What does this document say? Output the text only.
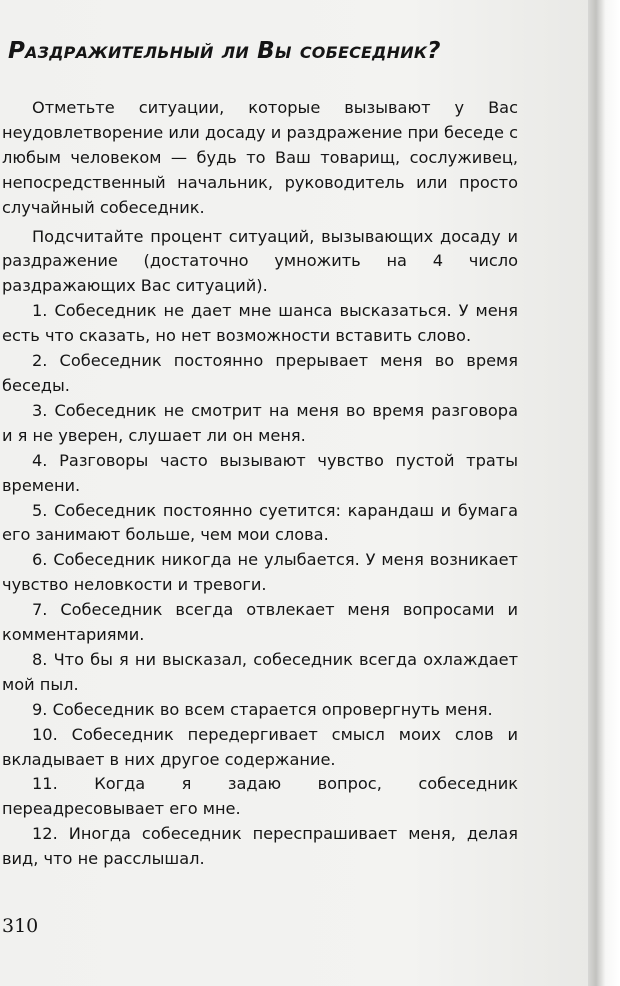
Раздражительный ли Вы собеседник?

Отметьте ситуации, которые вызывают у Вас неудовлетворение или досаду и раздражение при беседе с любым человеком — будь то Ваш товарищ, сослуживец, непосредственный начальник, руководитель или просто случайный собеседник.

Подсчитайте процент ситуаций, вызывающих досаду и раздражение (достаточно умножить на 4 число раздражающих Вас ситуаций).

1. Собеседник не дает мне шанса высказаться. У меня есть что сказать, но нет возможности вставить слово.

2. Собеседник постоянно прерывает меня во время беседы.

3. Собеседник не смотрит на меня во время разговора и я не уверен, слушает ли он меня.

4. Разговоры часто вызывают чувство пустой траты времени.

5. Собеседник постоянно суетится: карандаш и бумага его занимают больше, чем мои слова.

6. Собеседник никогда не улыбается. У меня возникает чувство неловкости и тревоги.

7. Собеседник всегда отвлекает меня вопросами и комментариями.

8. Что бы я ни высказал, собеседник всегда охлаждает мой пыл.

9. Собеседник во всем старается опровергнуть меня.

10. Собеседник передергивает смысл моих слов и вкладывает в них другое содержание.

11. Когда я задаю вопрос, собеседник переадресовывает его мне.

12. Иногда собеседник переспрашивает меня, делая вид, что не расслышал.

310
